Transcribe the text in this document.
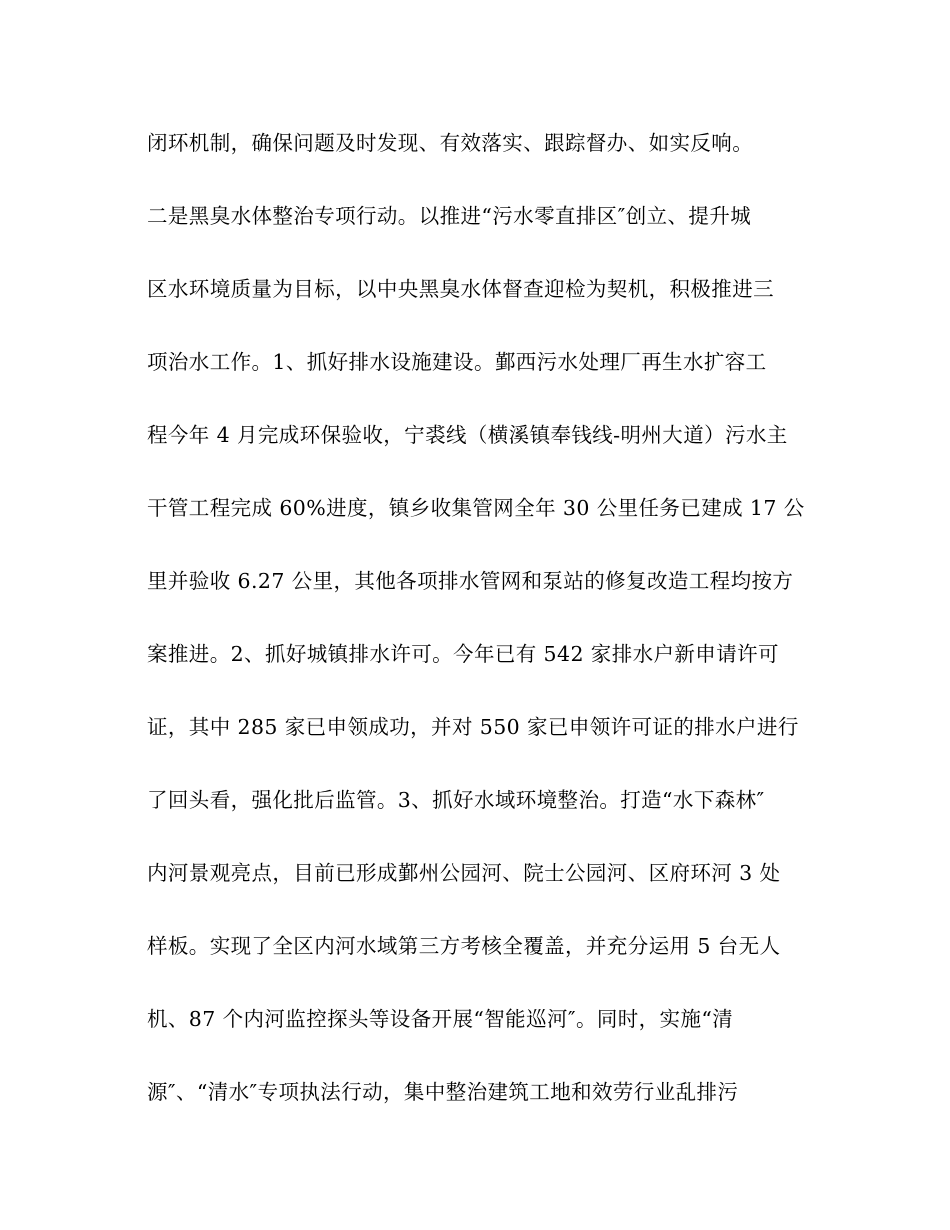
闭环机制，确保问题及时发现、有效落实、跟踪督办、如实反响。
二是黑臭水体整治专项行动。以推进“污水零直排区″创立、提升城
区水环境质量为目标，以中央黑臭水体督查迎检为契机，积极推进三
项治水工作。1、抓好排水设施建设。鄞西污水处理厂再生水扩容工
程今年 4 月完成环保验收，宁裘线（横溪镇奉钱线-明州大道）污水主
干管工程完成 60%进度，镇乡收集管网全年 30 公里任务已建成 17 公
里并验收 6.27 公里，其他各项排水管网和泵站的修复改造工程均按方
案推进。2、抓好城镇排水许可。今年已有 542 家排水户新申请许可
证，其中 285 家已申领成功，并对 550 家已申领许可证的排水户进行
了回头看，强化批后监管。3、抓好水域环境整治。打造“水下森林″
内河景观亮点，目前已形成鄞州公园河、院士公园河、区府环河 3 处
样板。实现了全区内河水域第三方考核全覆盖，并充分运用 5 台无人
机、87 个内河监控探头等设备开展“智能巡河″。同时，实施“清
源″、“清水″专项执法行动，集中整治建筑工地和效劳行业乱排污
